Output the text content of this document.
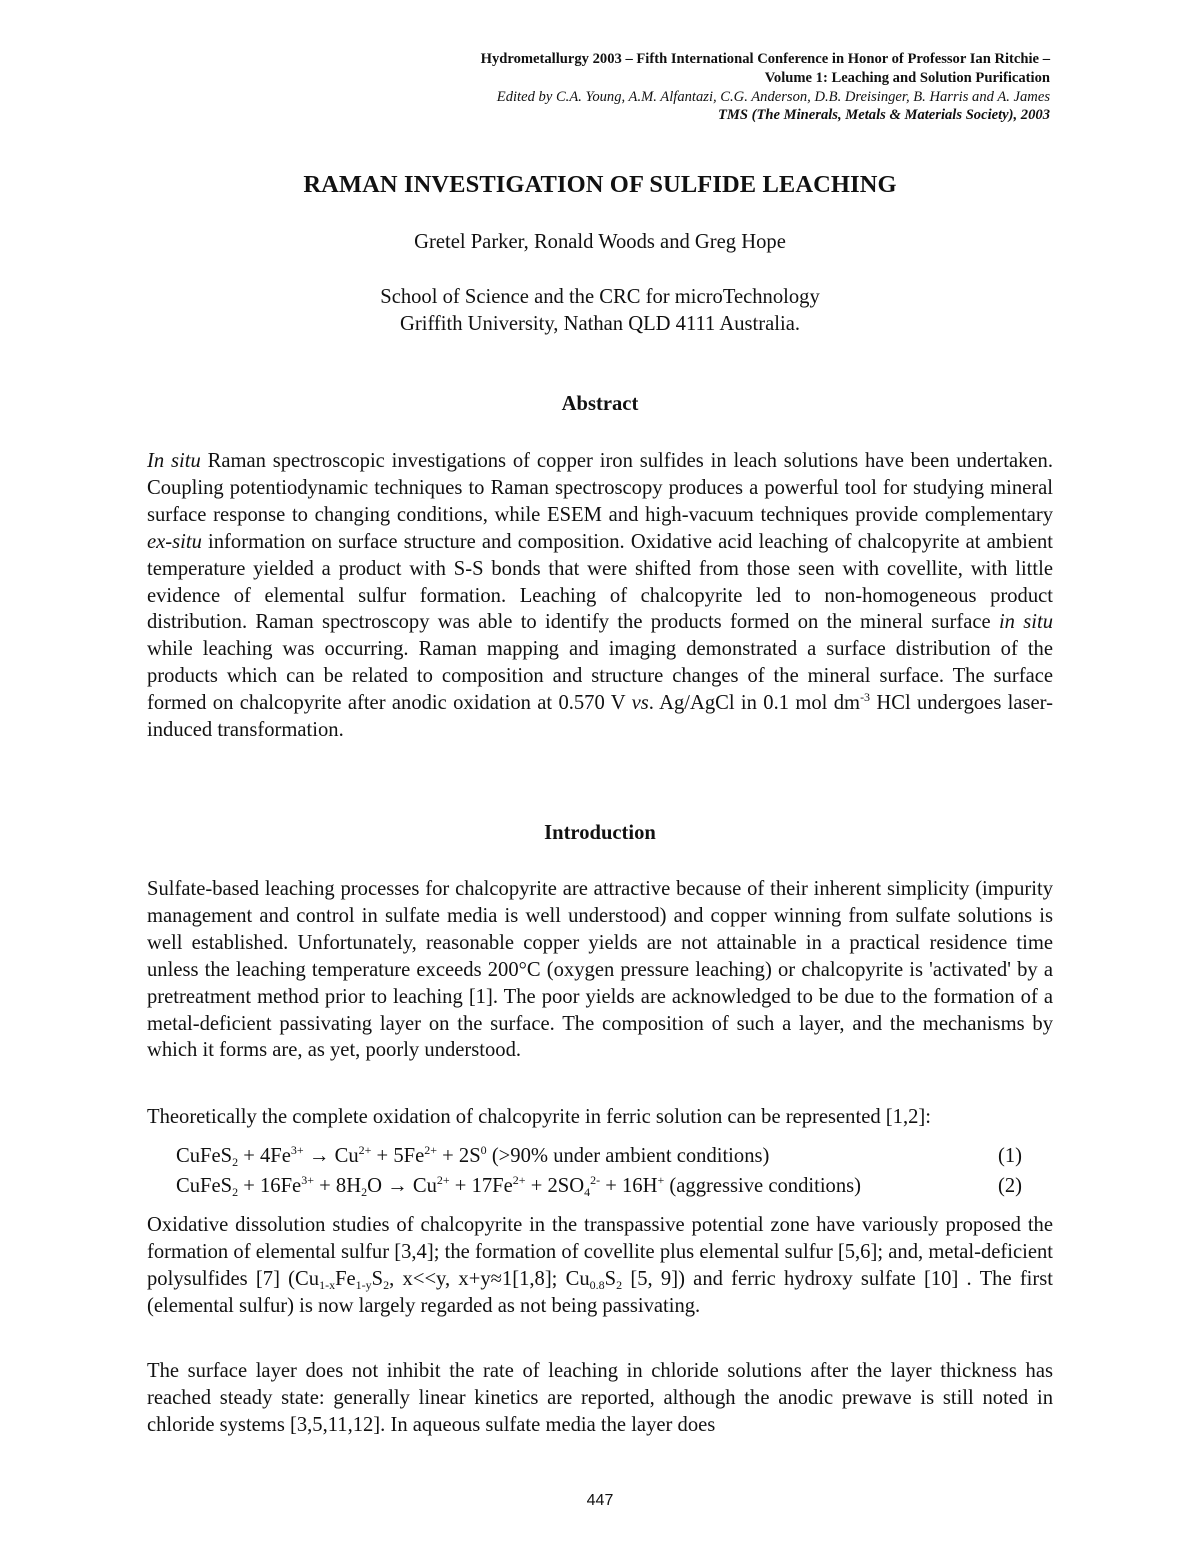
Hydrometallurgy 2003 – Fifth International Conference in Honor of Professor Ian Ritchie –
Volume 1: Leaching and Solution Purification
Edited by C.A. Young, A.M. Alfantazi, C.G. Anderson, D.B. Dreisinger, B. Harris and A. James
TMS (The Minerals, Metals & Materials Society), 2003
RAMAN INVESTIGATION OF SULFIDE LEACHING
Gretel Parker, Ronald Woods and Greg Hope
School of Science and the CRC for microTechnology
Griffith University, Nathan QLD 4111 Australia.
Abstract

In situ Raman spectroscopic investigations of copper iron sulfides in leach solutions have been undertaken. Coupling potentiodynamic techniques to Raman spectroscopy produces a powerful tool for studying mineral surface response to changing conditions, while ESEM and high-vacuum techniques provide complementary ex-situ information on surface structure and composition. Oxidative acid leaching of chalcopyrite at ambient temperature yielded a product with S-S bonds that were shifted from those seen with covellite, with little evidence of elemental sulfur formation. Leaching of chalcopyrite led to non-homogeneous product distribution. Raman spectroscopy was able to identify the products formed on the mineral surface in situ while leaching was occurring. Raman mapping and imaging demonstrated a surface distribution of the products which can be related to composition and structure changes of the mineral surface. The surface formed on chalcopyrite after anodic oxidation at 0.570 V vs. Ag/AgCl in 0.1 mol $dm^{-3}$ HCl undergoes laser-induced transformation.

Introduction

Sulfate-based leaching processes for chalcopyrite are attractive because of their inherent simplicity (impurity management and control in sulfate media is well understood) and copper winning from sulfate solutions is well established. Unfortunately, reasonable copper yields are not attainable in a practical residence time unless the leaching temperature exceeds 200°C (oxygen pressure leaching) or chalcopyrite is 'activated' by a pretreatment method prior to leaching [1]. The poor yields are acknowledged to be due to the formation of a metal-deficient passivating layer on the surface. The composition of such a layer, and the mechanisms by which it forms are, as yet, poorly understood.

Theoretically the complete oxidation of chalcopyrite in ferric solution can be represented [1,2]:

CuFeS$_2$ + $4Fe^{3+} \to Cu^{2+} + 5Fe^{2+} + 2S^0$ (>90% under ambient conditions)	(1)
CuFeS$_2$ + $16Fe^{3+} + 8H_2O \to Cu^{2+} + 17Fe^{2+} + 2SO_4^{2-} + 16H^+$ (aggressive conditions)	(2)

Oxidative dissolution studies of chalcopyrite in the transpassive potential zone have variously proposed the formation of elemental sulfur [3,4]; the formation of covellite plus elemental sulfur [5,6]; and, metal-deficient polysulfides [7] ($Cu_{1-x}Fe_{1-y}S_2$, x<<y, x+y≈1[1,8]; $Cu_{0.8}S_2$ [5, 9]) and ferric hydroxy sulfate [10] . The first (elemental sulfur) is now largely regarded as not being passivating.

The surface layer does not inhibit the rate of leaching in chloride solutions after the layer thickness has reached steady state: generally linear kinetics are reported, although the anodic prewave is still noted in chloride systems [3,5,11,12]. In aqueous sulfate media the layer does

447
